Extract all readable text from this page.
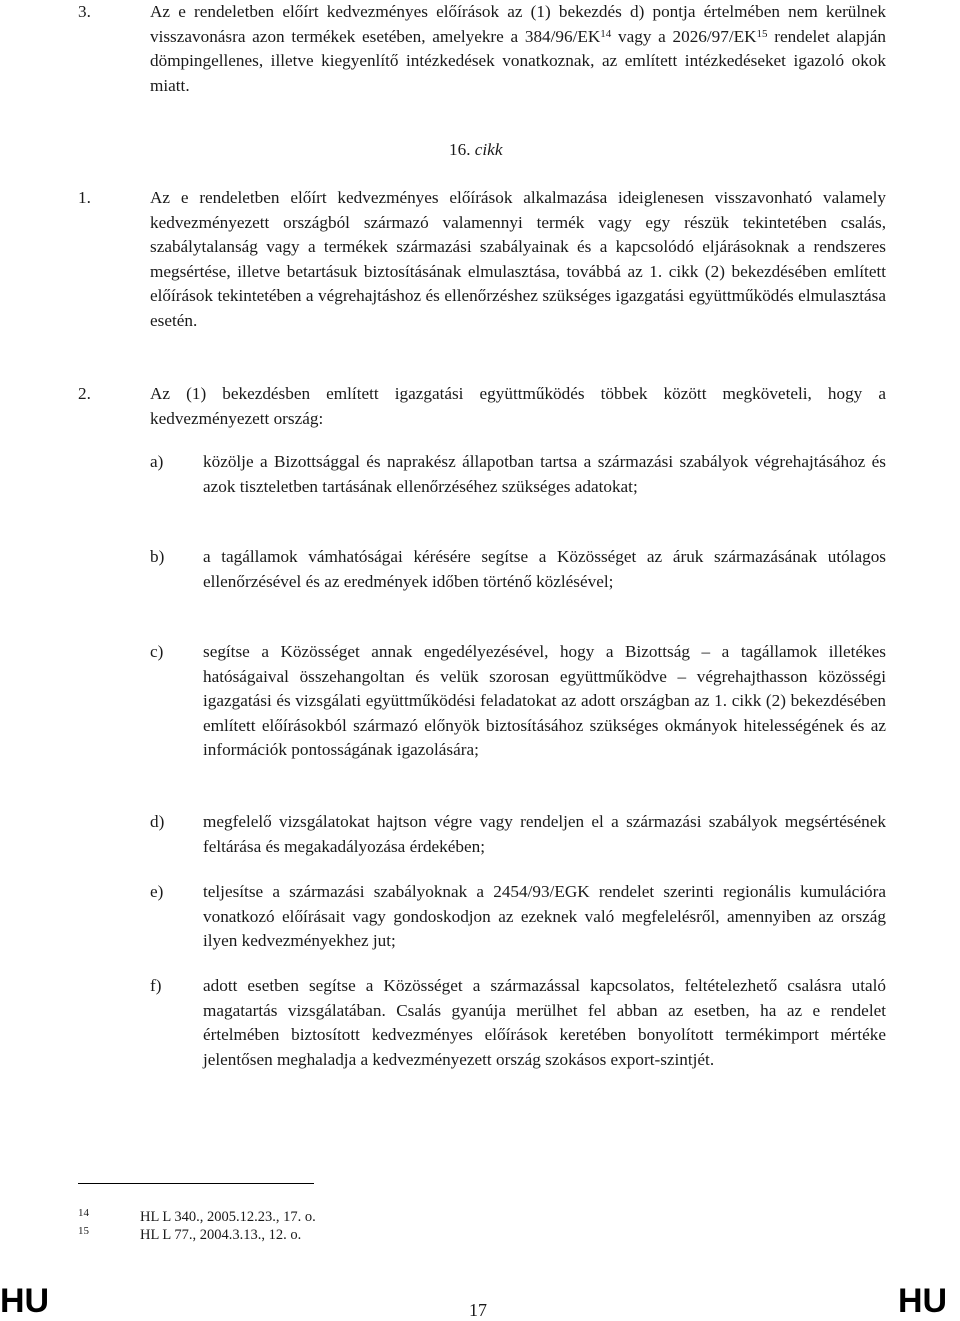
3.	Az e rendeletben előírt kedvezményes előírások az (1) bekezdés d) pontja értelmében nem kerülnek visszavonásra azon termékek esetében, amelyekre a 384/96/EK$^{14}$ vagy a 2026/97/EK$^{15}$ rendelet alapján dömpingellenes, illetve kiegyenlítő intézkedések vonatkoznak, az említett intézkedéseket igazoló okok miatt.
16. cikk
1.	Az e rendeletben előírt kedvezményes előírások alkalmazása ideiglenesen visszavonható valamely kedvezményezett országból származó valamennyi termék vagy egy részük tekintetében csalás, szabálytalanság vagy a termékek származási szabályainak és a kapcsolódó eljárásoknak a rendszeres megsértése, illetve betartásuk biztosításának elmulasztása, továbbá az 1. cikk (2) bekezdésében említett előírások tekintetében a végrehajtáshoz és ellenőrzéshez szükséges igazgatási együttműködés elmulasztása esetén.
2.	Az (1) bekezdésben említett igazgatási együttműködés többek között megköveteli, hogy a kedvezményezett ország:
a) közölje a Bizottsággal és naprakész állapotban tartsa a származási szabályok végrehajtásához és azok tiszteletben tartásának ellenőrzéséhez szükséges adatokat;
b) a tagállamok vámhatóságai kérésére segítse a Közösséget az áruk származásának utólagos ellenőrzésével és az eredmények időben történő közlésével;
c) segítse a Közösséget annak engedélyezésével, hogy a Bizottság – a tagállamok illetékes hatóságaival összehangoltan és velük szorosan együttműködve – végrehajthasson közösségi igazgatási és vizsgálati együttműködési feladatokat az adott országban az 1. cikk (2) bekezdésében említett előírásokból származó előnyök biztosításához szükséges okmányok hitelességének és az információk pontosságának igazolására;
d) megfelelő vizsgálatokat hajtson végre vagy rendeljen el a származási szabályok megsértésének feltárása és megakadályozása érdekében;
e) teljesítse a származási szabályoknak a 2454/93/EGK rendelet szerinti regionális kumulációra vonatkozó előírásait vagy gondoskodjon az ezeknek való megfelelésről, amennyiben az ország ilyen kedvezményekhez jut;
f) adott esetben segítse a Közösséget a származással kapcsolatos, feltételezhető csalásra utaló magatartás vizsgálatában. Csalás gyanúja merülhet fel abban az esetben, ha az e rendelet értelmében biztosított kedvezményes előírások keretében bonyolított termékimport mértéke jelentősen meghaladja a kedvezményezett ország szokásos export-szintjét.
14	HL L 340., 2005.12.23., 17. o.
15	HL L 77., 2004.3.13., 12. o.
HU	17	HU
